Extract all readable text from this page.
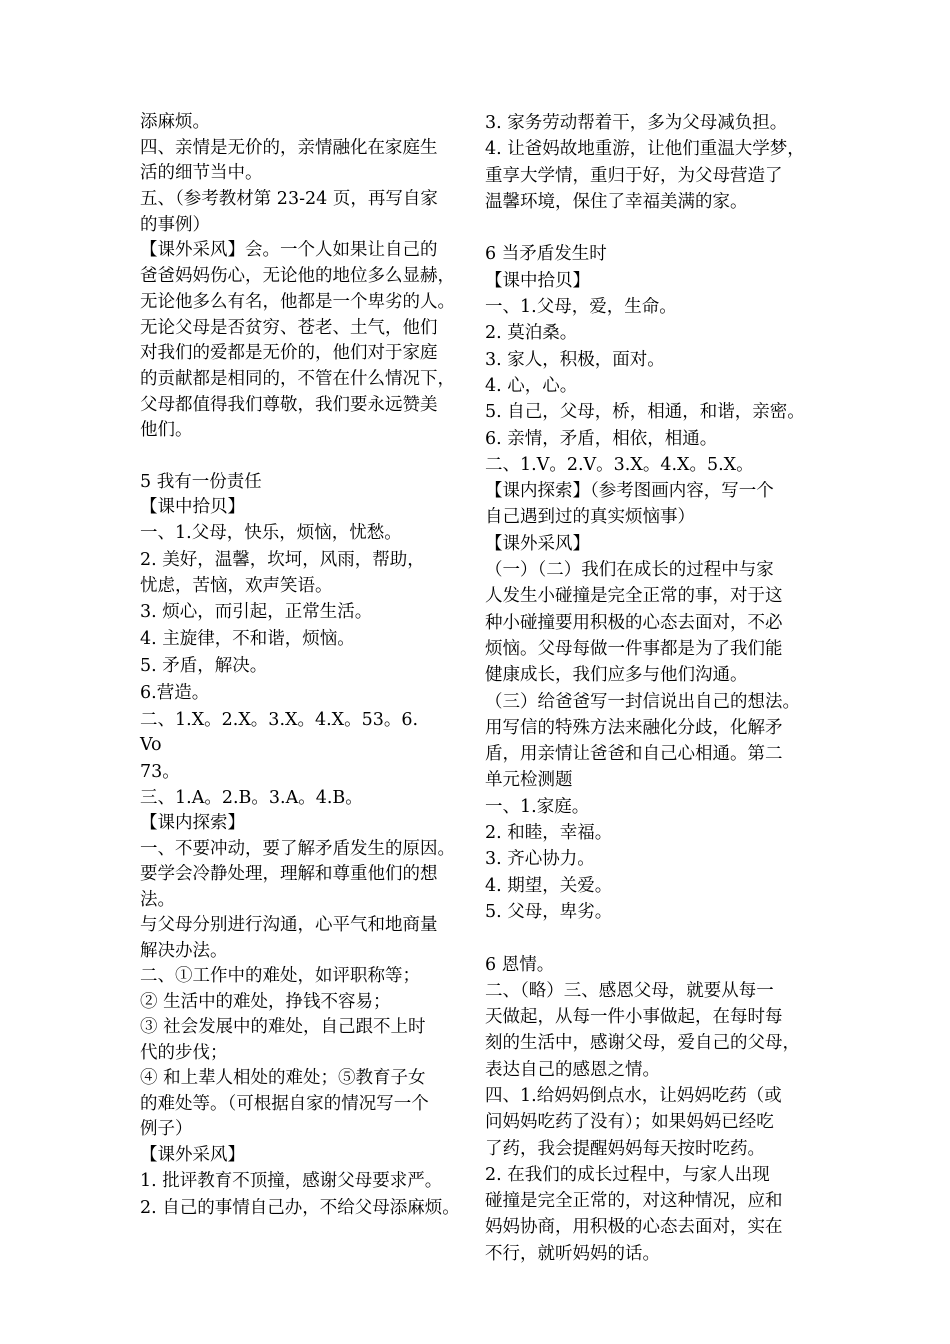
添麻烦。
四、亲情是无价的，亲情融化在家庭生
活的细节当中。
五、（参考教材第 23-24 页，再写自家
的事例）
【课外采风】会。一个人如果让自己的
爸爸妈妈伤心，无论他的地位多么显赫，
无论他多么有名，他都是一个卑劣的人。
无论父母是否贫穷、苍老、土气，他们
对我们的爱都是无价的，他们对于家庭
的贡献都是相同的，不管在什么情况下，
父母都值得我们尊敬，我们要永远赞美
他们。
5 我有一份责任
【课中拾贝】
一、1.父母，快乐，烦恼，忧愁。
2. 美好，温馨，坎坷，风雨，帮助，
忧虑，苦恼，欢声笑语。
3. 烦心，而引起，正常生活。
4. 主旋律，不和谐，烦恼。
5. 矛盾，解决。
6.营造。
二、1.X。2.X。3.X。4.X。53。6.
Vo
73。
三、1.A。2.B。3.A。4.B。
【课内探索】
一、不要冲动，要了解矛盾发生的原因。
要学会冷静处理，理解和尊重他们的想
法。
与父母分别进行沟通，心平气和地商量
解决办法。
二、①工作中的难处，如评职称等；
② 生活中的难处，挣钱不容易；
③ 社会发展中的难处，自己跟不上时
代的步伐；
④ 和上辈人相处的难处；⑤教育子女
的难处等。（可根据自家的情况写一个
例子）
【课外采风】
1. 批评教育不顶撞，感谢父母要求严。
2. 自己的事情自己办，不给父母添麻烦。
3. 家务劳动帮着干，多为父母减负担。
4. 让爸妈故地重游，让他们重温大学梦，
重享大学情，重归于好，为父母营造了
温馨环境，保住了幸福美满的家。
6 当矛盾发生时
【课中拾贝】
一、1.父母，爱，生命。
2. 莫泊桑。
3. 家人，积极，面对。
4. 心，心。
5. 自己，父母，桥，相通，和谐，亲密。
6. 亲情，矛盾，相依，相通。
二、1.V。2.V。3.X。4.X。5.X。
【课内探索】（参考图画内容，写一个
自己遇到过的真实烦恼事）
【课外采风】
（一）（二）我们在成长的过程中与家
人发生小碰撞是完全正常的事，对于这
种小碰撞要用积极的心态去面对，不必
烦恼。父母每做一件事都是为了我们能
健康成长，我们应多与他们沟通。
（三）给爸爸写一封信说出自己的想法。
用写信的特殊方法来融化分歧，化解矛
盾，用亲情让爸爸和自己心相通。第二
单元检测题
一、1.家庭。
2. 和睦，幸福。
3. 齐心协力。
4. 期望，关爱。
5. 父母，卑劣。
6 恩情。
二、（略）三、感恩父母，就要从每一
天做起，从每一件小事做起，在每时每
刻的生活中，感谢父母，爱自己的父母，
表达自己的感恩之情。
四、1.给妈妈倒点水，让妈妈吃药（或
问妈妈吃药了没有）；如果妈妈已经吃
了药，我会提醒妈妈每天按时吃药。
2. 在我们的成长过程中，与家人出现
碰撞是完全正常的，对这种情况，应和
妈妈协商，用积极的心态去面对，实在
不行，就听妈妈的话。
